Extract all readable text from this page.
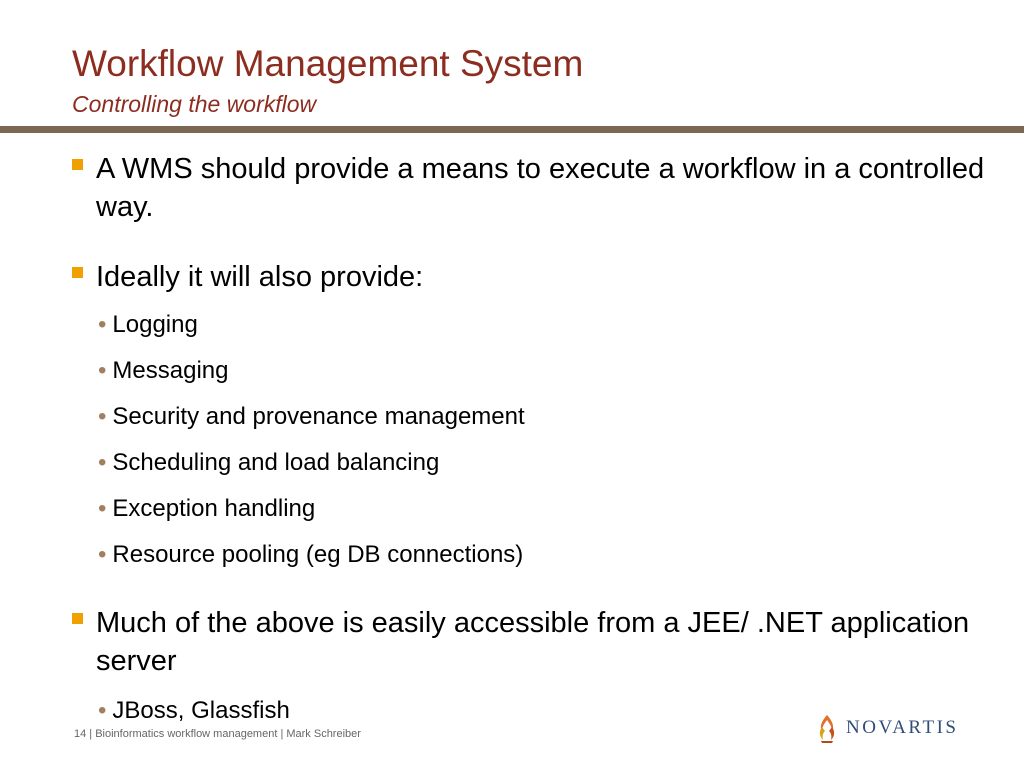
Workflow Management System
Controlling the workflow
A WMS should provide a means to execute a workflow in a controlled way.
Ideally it will also provide:
• Logging
• Messaging
• Security and provenance management
• Scheduling and load balancing
• Exception handling
• Resource pooling (eg DB connections)
Much of the above is easily accessible from a JEE/ .NET application server
• JBoss, Glassfish
14 | Bioinformatics workflow management | Mark Schreiber	NOVARTIS
